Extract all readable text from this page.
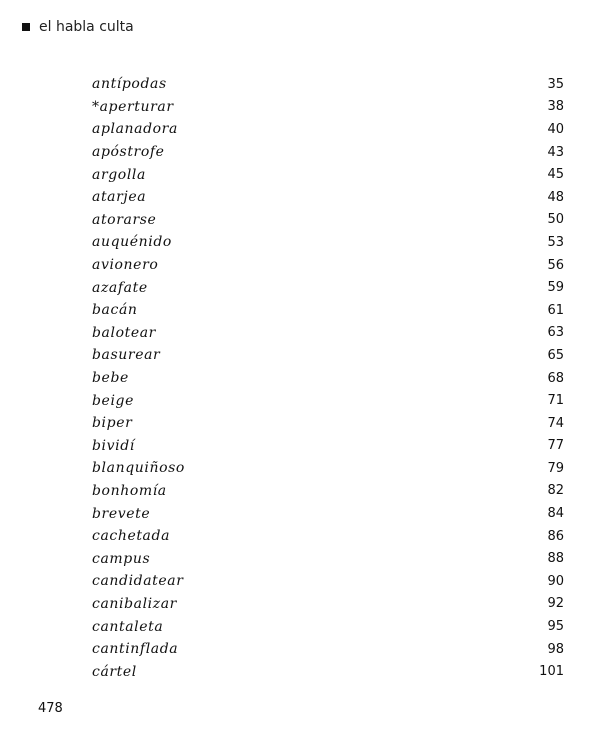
el habla culta
antípodas	35
*aperturar	38
aplanadora	40
apóstrofe	43
argolla	45
atarjea	48
atorarse	50
auquénido	53
avionero	56
azafate	59
bacán	61
balotear	63
basurear	65
bebe	68
beige	71
biper	74
bividí	77
blanquiñoso	79
bonhomía	82
brevete	84
cachetada	86
campus	88
candidatear	90
canibalizar	92
cantaleta	95
cantinflada	98
cártel	101
478
